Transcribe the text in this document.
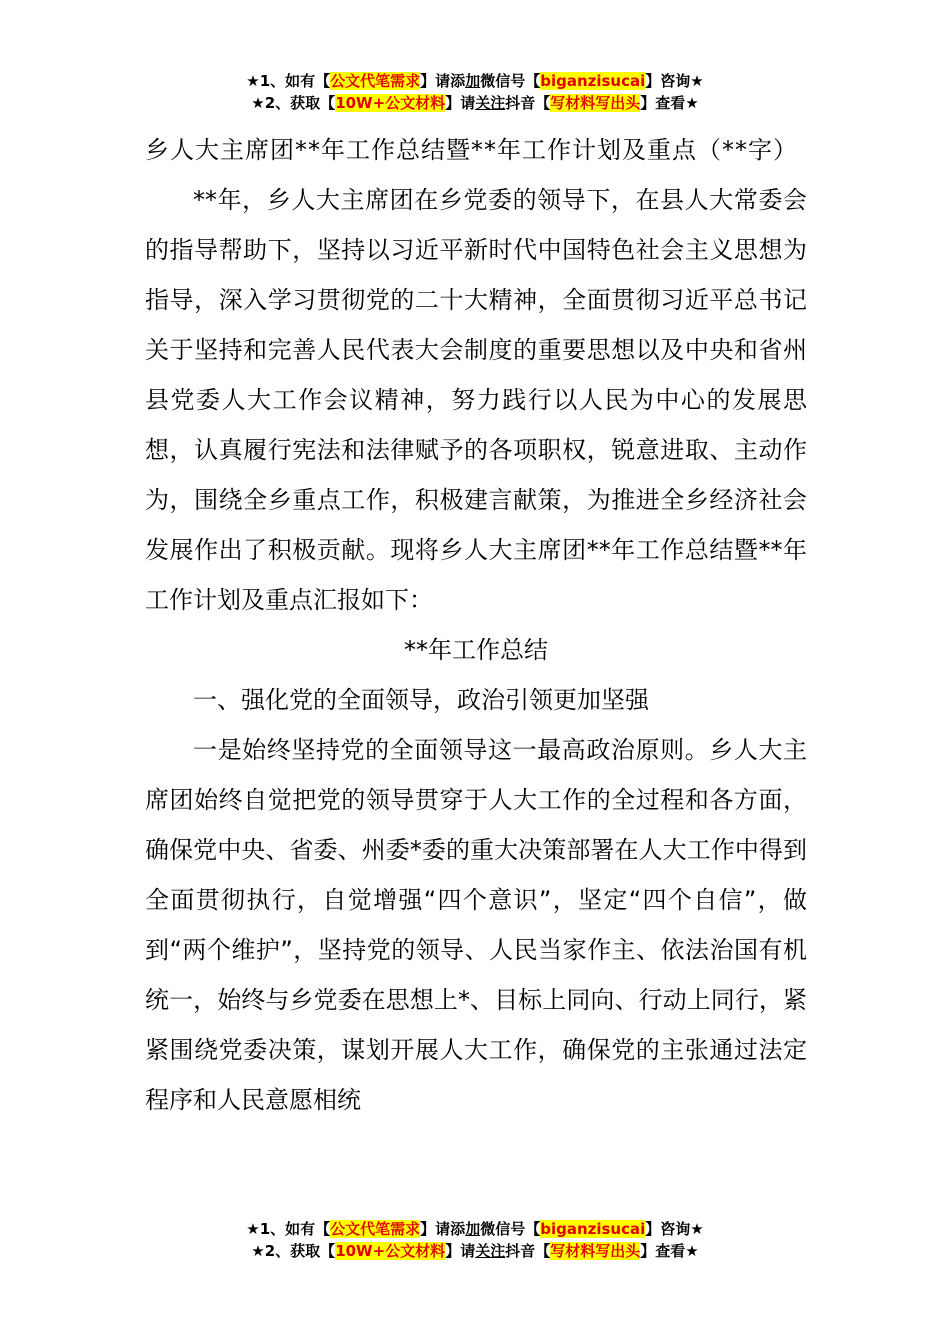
★1、如有【公文代笔需求】请添加微信号【biganzisucai】咨询★
★2、获取【10W+公文材料】请关注抖音【写材料写出头】查看★

乡人大主席团**年工作总结暨**年工作计划及重点（**字）

**年，乡人大主席团在乡党委的领导下，在县人大常委会的指导帮助下，坚持以习近平新时代中国特色社会主义思想为指导，深入学习贯彻党的二十大精神，全面贯彻习近平总书记关于坚持和完善人民代表大会制度的重要思想以及中央和省州县党委人大工作会议精神，努力践行以人民为中心的发展思想，认真履行宪法和法律赋予的各项职权，锐意进取、主动作为，围绕全乡重点工作，积极建言献策，为推进全乡经济社会发展作出了积极贡献。现将乡人大主席团**年工作总结暨**年工作计划及重点汇报如下：

**年工作总结

一、强化党的全面领导，政治引领更加坚强

一是始终坚持党的全面领导这一最高政治原则。乡人大主席团始终自觉把党的领导贯穿于人大工作的全过程和各方面，确保党中央、省委、州委*委的重大决策部署在人大工作中得到全面贯彻执行，自觉增强“四个意识”，坚定“四个自信”，做到“两个维护”，坚持党的领导、人民当家作主、依法治国有机统一，始终与乡党委在思想上*、目标上同向、行动上同行，紧紧围绕党委决策，谋划开展人大工作，确保党的主张通过法定程序和人民意愿相统

★1、如有【公文代笔需求】请添加微信号【biganzisucai】咨询★
★2、获取【10W+公文材料】请关注抖音【写材料写出头】查看★
